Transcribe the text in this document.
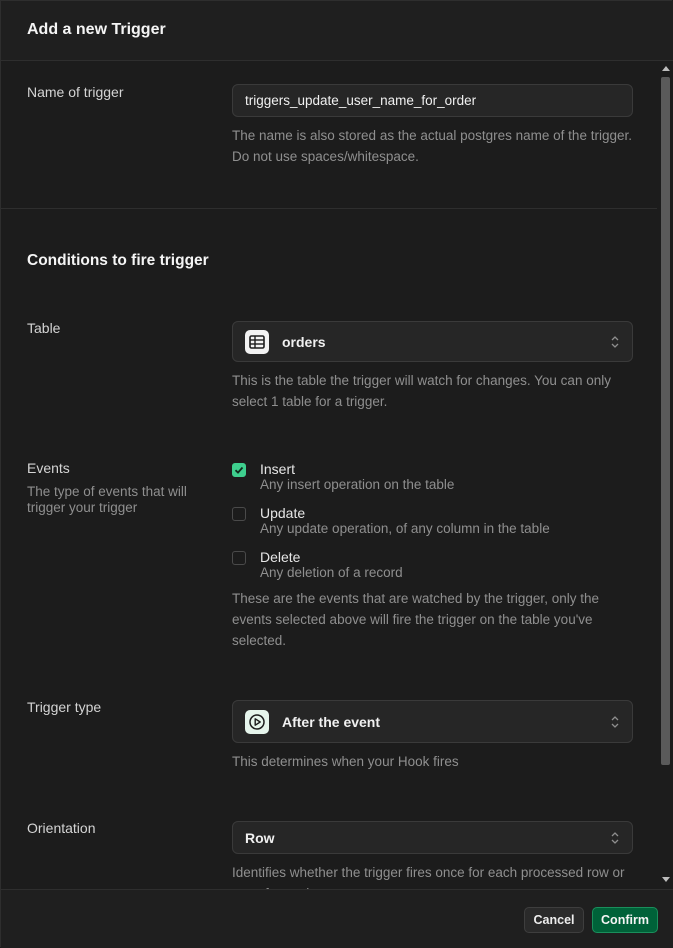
Add a new Trigger
Name of trigger
triggers_update_user_name_for_order
The name is also stored as the actual postgres name of the trigger. Do not use spaces/whitespace.
Conditions to fire trigger
Table
orders
This is the table the trigger will watch for changes. You can only select 1 table for a trigger.
Events
The type of events that will trigger your trigger
Insert
Any insert operation on the table
Update
Any update operation, of any column in the table
Delete
Any deletion of a record
These are the events that are watched by the trigger, only the events selected above will fire the trigger on the table you've selected.
Trigger type
After the event
This determines when your Hook fires
Orientation
Row
Identifies whether the trigger fires once for each processed row or
Cancel	Confirm
